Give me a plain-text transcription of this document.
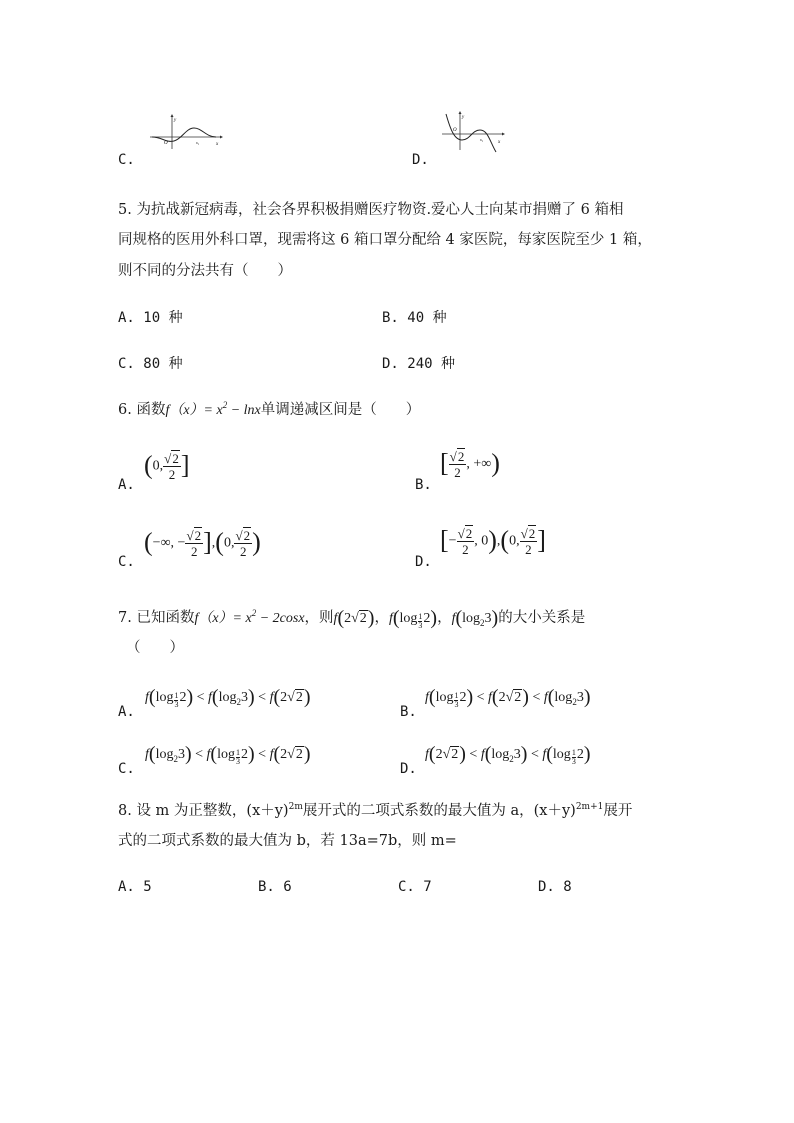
C.
y
O	x₁	x
D.
y
O
x₁
x
5. 为抗战新冠病毒，社会各界积极捐赠医疗物资.爱心人士向某市捐赠了 6 箱相
同规格的医用外科口罩，现需将这 6 箱口罩分配给 4 家医院，每家医院至少 1 箱，
则不同的分法共有（　　）
A. 10 种	B. 40 种
C. 80 种	D. 240 种
6. 函数$f(x)= x^2 - \ln x$单调递减区间是（　　）
A.
(0, $\frac{√2}{2}$ ]
B.
[ $\frac{√2}{2}$ , +∞)
C.
(−∞, − $\frac{√2}{2} ],(0$, $\frac{√2}{2}$ )
D.
[− $\frac{√2}{2}$ , 0),(0, $\frac{√2}{2}$ ]
7. 已知函数$f(x)= x^2 - 2\cos x$，则f(2√2)，$f(\log \frac{1}{3} 2)$，$f(\log_23)$的大小关系是
（　　）
A.
$f(\log \frac{1}{3} 2) < f(\log_23) < f(2√2)$
B.
$f(\log \frac{1}{3} 2) < f(2√2) < f(\log_23)$
C.
$f(\log_23) < f(\log \frac{1}{3} 2) < f(2√2)$
D.
$f(2√2) < f(\log_23) < f(\log \frac{1}{3} 2)$
8. 设 m 为正整数，$(x+y)^{2m}$展开式的二项式系数的最大值为 a，$(x+y)^{2m+1}$展开
式的二项式系数的最大值为 b，若 13a=7b，则 m=
A. 5	B. 6	C. 7	D. 8
